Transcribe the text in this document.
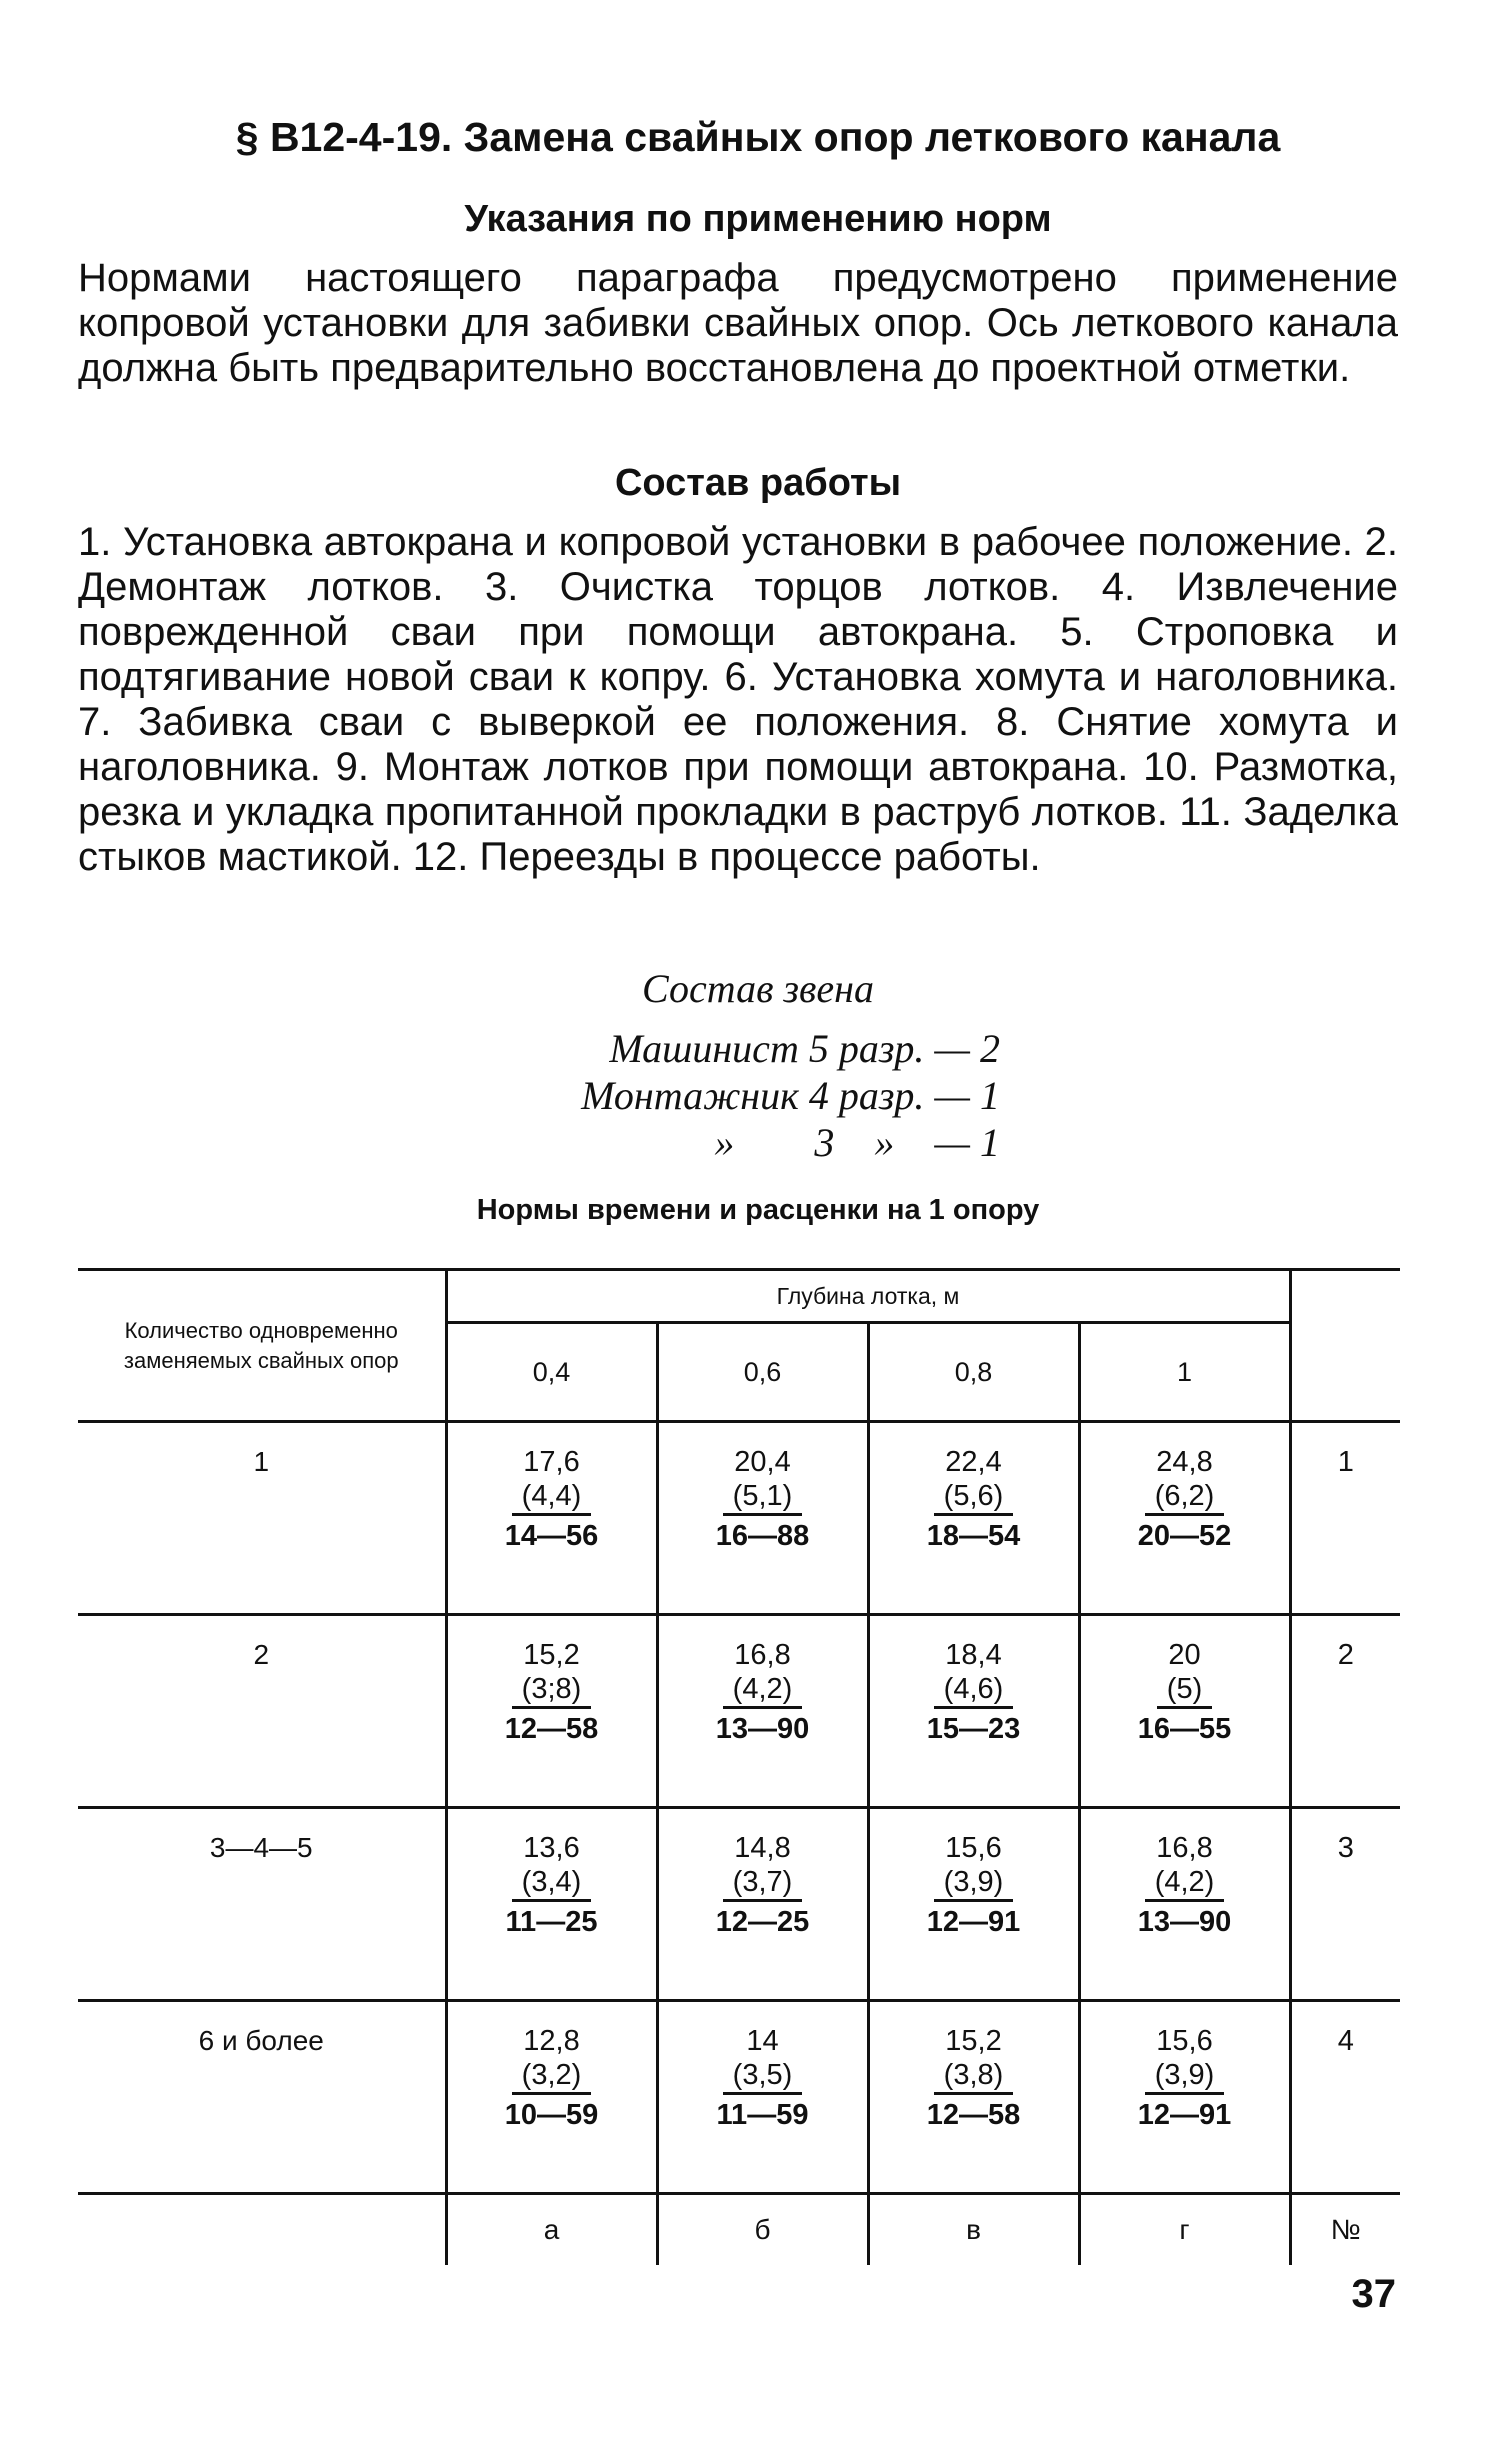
§ В12-4-19. Замена свайных опор леткового канала
Указания по применению норм

Нормами настоящего параграфа предусмотрено применение копровой установки для забивки свайных опор. Ось леткового канала должна быть предварительно восстановлена до проектной отметки.

Состав работы

1. Установка автокрана и копровой установки в рабочее положение. 2. Демонтаж лотков. 3. Очистка торцов лотков. 4. Извлечение поврежденной сваи при помощи автокрана. 5. Строповка и подтягивание новой сваи к копру. 6. Установка хомута и наголовника. 7. Забивка сваи с выверкой ее положения. 8. Снятие хомута и наголовника. 9. Монтаж лотков при помощи автокрана. 10. Размотка, резка и укладка пропитанной прокладки в раструб лотков. 11. Заделка стыков мастикой. 12. Переезды в процессе работы.

Состав звена
Машинист 5 разр. — 2
Монтажник 4 разр. — 1
»        3    »    — 1
Нормы времени и расценки на 1 опору
Количество одновременно заменяемых свайных опор	Глубина лотка, м				
	0,4	0,6	0,8	1	
1	17,6
(4,4)
14—56	20,4
(5,1)
16—88	22,4
(5,6)
18—54	24,8
(6,2)
20—52	1
2	15,2
(3;8)
12—58	16,8
(4,2)
13—90	18,4
(4,6)
15—23	20
(5)
16—55	2
3—4—5	13,6
(3,4)
11—25	14,8
(3,7)
12—25	15,6
(3,9)
12—91	16,8
(4,2)
13—90	3
6 и более	12,8
(3,2)
10—59	14
(3,5)
11—59	15,2
(3,8)
12—58	15,6
(3,9)
12—91	4
	а	б	в	г	№
37
